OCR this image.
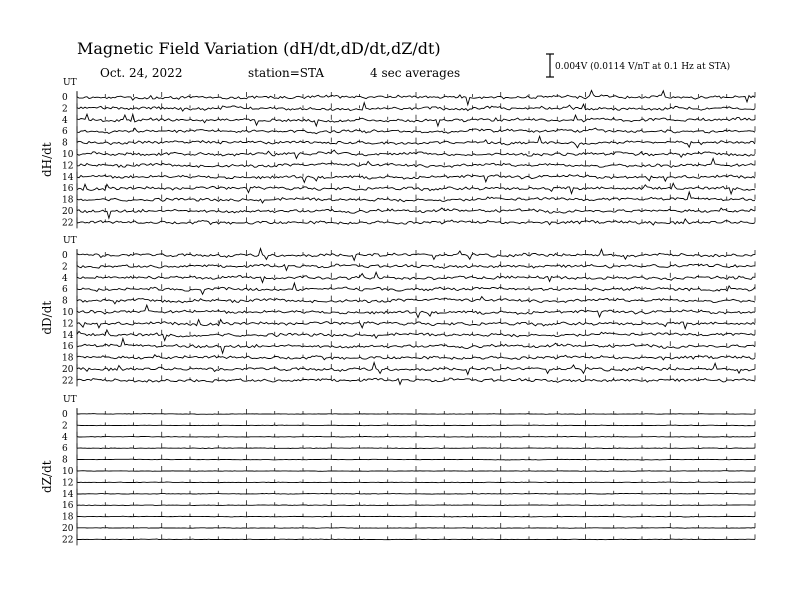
Magnetic Field Variation (dH/dt,dD/dt,dZ/dt)
Oct. 24, 2022	station=STA	4 sec averages	0.004V (0.0114 V/nT at 0.1 Hz at STA)
UT
dH/dt
0
2
4
6
8
10
12
14
16
18
20
22
UT
dD/dt
0
2
4
6
8
10
12
14
16
18
20
22
UT
dZ/dt
0
2
4
6
8
10
12
14
16
18
20
22
